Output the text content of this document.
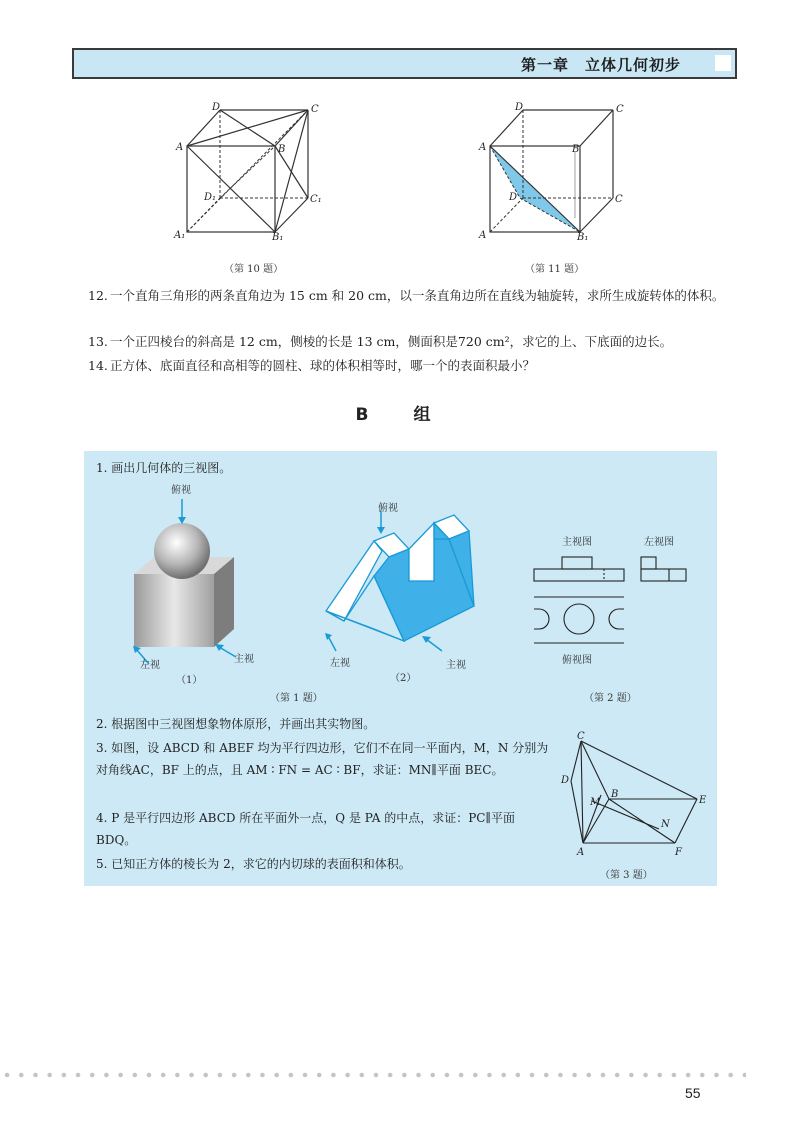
第一章　立体几何初步
D	C
A	B
D₁	C₁
A₁	B₁
（第 10 题）
D	C
A	B
D	C
A	B₁
（第 11 题）
12. 一个直角三角形的两条直角边为 15 cm 和 20 cm，以一条直角边所在直线为轴旋转，求所生成旋转体的体积。
13. 一个正四棱台的斜高是 12 cm，侧棱的长是 13 cm，侧面积是720 cm²，求它的上、下底面的边长。
14. 正方体、底面直径和高相等的圆柱、球的体积相等时，哪一个的表面积最小？
B　组
1. 画出几何体的三视图。
俯视
左视
主视
（1）
俯视
左视	主视
（2）
（第 1 题）
主视图	左视图
俯视图
（第 2 题）
2. 根据图中三视图想象物体原形，并画出其实物图。
3. 如图，设 ABCD 和 ABEF 均为平行四边形，它们不在同一平面内，M，N 分别为对角线AC，BF 上的点，且 AM ∶ FN = AC ∶ BF，求证：MN∥平面 BEC。
4. P 是平行四边形 ABCD 所在平面外一点，Q 是 PA 的中点，求证：PC∥平面 BDQ。
5. 已知正方体的棱长为 2，求它的内切球的表面积和体积。
C
D
M
B
E
N
A	F
（第 3 题）
55
